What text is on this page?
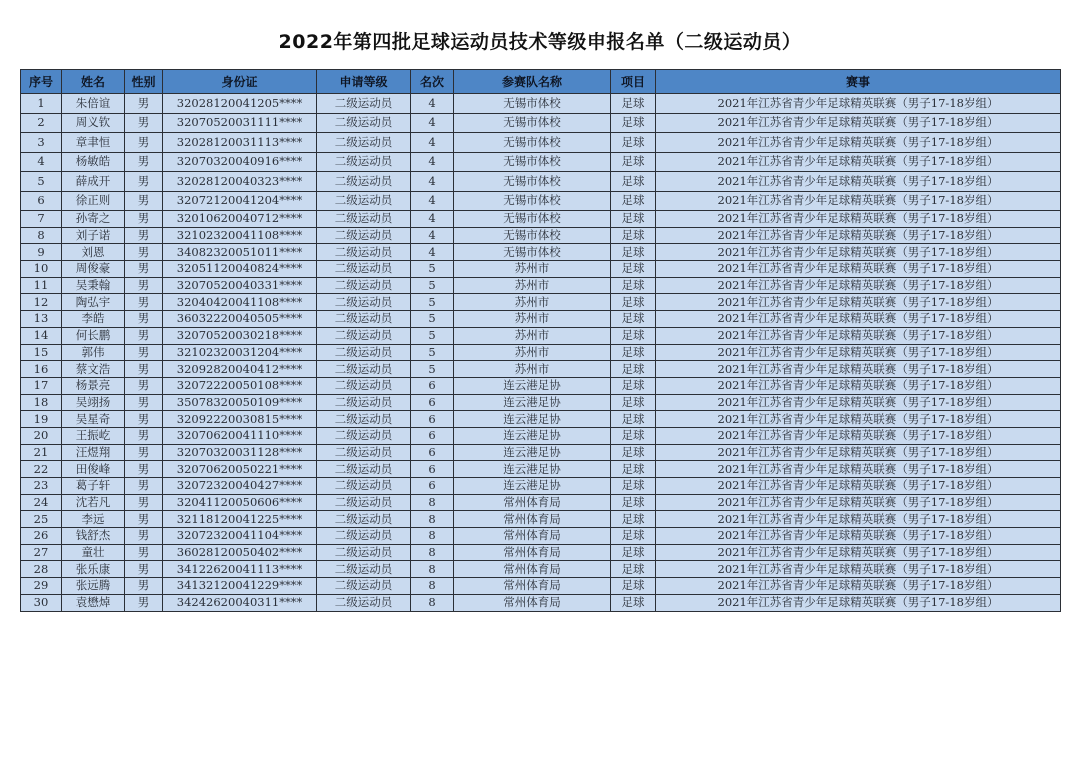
2022年第四批足球运动员技术等级申报名单（二级运动员）
序号	姓名	性别	身份证	申请等级	名次	参赛队名称	项目	赛事
1	朱倍谊	男	32028120041205****	二级运动员	4	无锡市体校	足球	2021年江苏省青少年足球精英联赛（男子17-18岁组）
2	周义钦	男	32070520031111****	二级运动员	4	无锡市体校	足球	2021年江苏省青少年足球精英联赛（男子17-18岁组）
3	章聿恒	男	32028120031113****	二级运动员	4	无锡市体校	足球	2021年江苏省青少年足球精英联赛（男子17-18岁组）
4	杨敏皓	男	32070320040916****	二级运动员	4	无锡市体校	足球	2021年江苏省青少年足球精英联赛（男子17-18岁组）
5	薛成开	男	32028120040323****	二级运动员	4	无锡市体校	足球	2021年江苏省青少年足球精英联赛（男子17-18岁组）
6	徐正则	男	32072120041204****	二级运动员	4	无锡市体校	足球	2021年江苏省青少年足球精英联赛（男子17-18岁组）
7	孙寄之	男	32010620040712****	二级运动员	4	无锡市体校	足球	2021年江苏省青少年足球精英联赛（男子17-18岁组）
8	刘子诺	男	32102320041108****	二级运动员	4	无锡市体校	足球	2021年江苏省青少年足球精英联赛（男子17-18岁组）
9	刘恩	男	34082320051011****	二级运动员	4	无锡市体校	足球	2021年江苏省青少年足球精英联赛（男子17-18岁组）
10	周俊豪	男	32051120040824****	二级运动员	5	苏州市	足球	2021年江苏省青少年足球精英联赛（男子17-18岁组）
11	吴秉翰	男	32070520040331****	二级运动员	5	苏州市	足球	2021年江苏省青少年足球精英联赛（男子17-18岁组）
12	陶弘宇	男	32040420041108****	二级运动员	5	苏州市	足球	2021年江苏省青少年足球精英联赛（男子17-18岁组）
13	李皓	男	36032220040505****	二级运动员	5	苏州市	足球	2021年江苏省青少年足球精英联赛（男子17-18岁组）
14	何长鹏	男	32070520030218****	二级运动员	5	苏州市	足球	2021年江苏省青少年足球精英联赛（男子17-18岁组）
15	郭伟	男	32102320031204****	二级运动员	5	苏州市	足球	2021年江苏省青少年足球精英联赛（男子17-18岁组）
16	蔡文浩	男	32092820040412****	二级运动员	5	苏州市	足球	2021年江苏省青少年足球精英联赛（男子17-18岁组）
17	杨景亮	男	32072220050108****	二级运动员	6	连云港足协	足球	2021年江苏省青少年足球精英联赛（男子17-18岁组）
18	吴翊扬	男	35078320050109****	二级运动员	6	连云港足协	足球	2021年江苏省青少年足球精英联赛（男子17-18岁组）
19	吴星奇	男	32092220030815****	二级运动员	6	连云港足协	足球	2021年江苏省青少年足球精英联赛（男子17-18岁组）
20	王振屹	男	32070620041110****	二级运动员	6	连云港足协	足球	2021年江苏省青少年足球精英联赛（男子17-18岁组）
21	汪煜翔	男	32070320031128****	二级运动员	6	连云港足协	足球	2021年江苏省青少年足球精英联赛（男子17-18岁组）
22	田俊峰	男	32070620050221****	二级运动员	6	连云港足协	足球	2021年江苏省青少年足球精英联赛（男子17-18岁组）
23	葛子轩	男	32072320040427****	二级运动员	6	连云港足协	足球	2021年江苏省青少年足球精英联赛（男子17-18岁组）
24	沈若凡	男	32041120050606****	二级运动员	8	常州体育局	足球	2021年江苏省青少年足球精英联赛（男子17-18岁组）
25	李远	男	32118120041225****	二级运动员	8	常州体育局	足球	2021年江苏省青少年足球精英联赛（男子17-18岁组）
26	钱舒杰	男	32072320041104****	二级运动员	8	常州体育局	足球	2021年江苏省青少年足球精英联赛（男子17-18岁组）
27	童壮	男	36028120050402****	二级运动员	8	常州体育局	足球	2021年江苏省青少年足球精英联赛（男子17-18岁组）
28	张乐康	男	34122620041113****	二级运动员	8	常州体育局	足球	2021年江苏省青少年足球精英联赛（男子17-18岁组）
29	张远腾	男	34132120041229****	二级运动员	8	常州体育局	足球	2021年江苏省青少年足球精英联赛（男子17-18岁组）
30	袁懋焯	男	34242620040311****	二级运动员	8	常州体育局	足球	2021年江苏省青少年足球精英联赛（男子17-18岁组）
